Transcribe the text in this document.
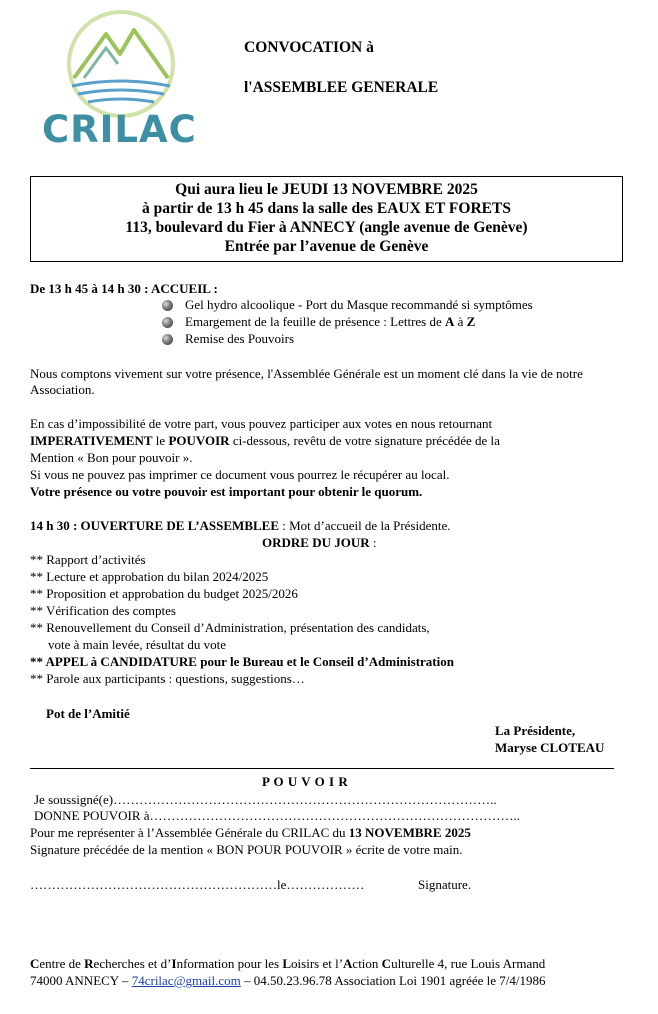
CRILAC
CONVOCATION à
l'ASSEMBLEE GENERALE
Qui aura lieu le JEUDI 13 NOVEMBRE 2025
à partir de 13 h 45 dans la salle des EAUX ET FORETS
113, boulevard du Fier à ANNECY (angle avenue de Genève)
Entrée par l’avenue de Genève
De 13 h 45 à 14 h 30 : ACCUEIL :
Gel hydro alcoolique - Port du Masque recommandé si symptômes
Emargement de la feuille de présence : Lettres de A à Z
Remise des Pouvoirs
Nous comptons vivement sur votre présence, l'Assemblée Générale est un moment clé dans la vie de notre Association.
En cas d’impossibilité de votre part, vous pouvez participer aux votes en nous retournant
IMPERATIVEMENT le POUVOIR ci-dessous, revêtu de votre signature précédée de la
Mention « Bon pour pouvoir ».
Si vous ne pouvez pas imprimer ce document vous pourrez le récupérer au local.
Votre présence ou votre pouvoir est important pour obtenir le quorum.
14 h 30 : OUVERTURE DE L’ASSEMBLEE : Mot d’accueil de la Présidente.
ORDRE DU JOUR :
** Rapport d’activités
** Lecture et approbation du bilan 2024/2025
** Proposition et approbation du budget 2025/2026
** Vérification des comptes
** Renouvellement du Conseil d’Administration, présentation des candidats,
vote à main levée, résultat du vote
** APPEL à CANDIDATURE pour le Bureau et le Conseil d’Administration
** Parole aux participants : questions, suggestions…
Pot de l’Amitié
La Présidente,
Maryse CLOTEAU
P O U V O I R
Je soussigné(e)……………………………………………………………………………..
DONNE POUVOIR à…………………………………………………………………………..
Pour me représenter à l’Assemblée Générale du CRILAC du 13 NOVEMBRE 2025
Signature précédée de la mention « BON POUR POUVOIR » écrite de votre main.
…………………………………………………le………………	Signature.
Centre de Recherches et d’Information pour les Loisirs et l’Action Culturelle 4, rue Louis Armand
74000 ANNECY – 74crilac@gmail.com – 04.50.23.96.78 Association Loi 1901 agréée le 7/4/1986
